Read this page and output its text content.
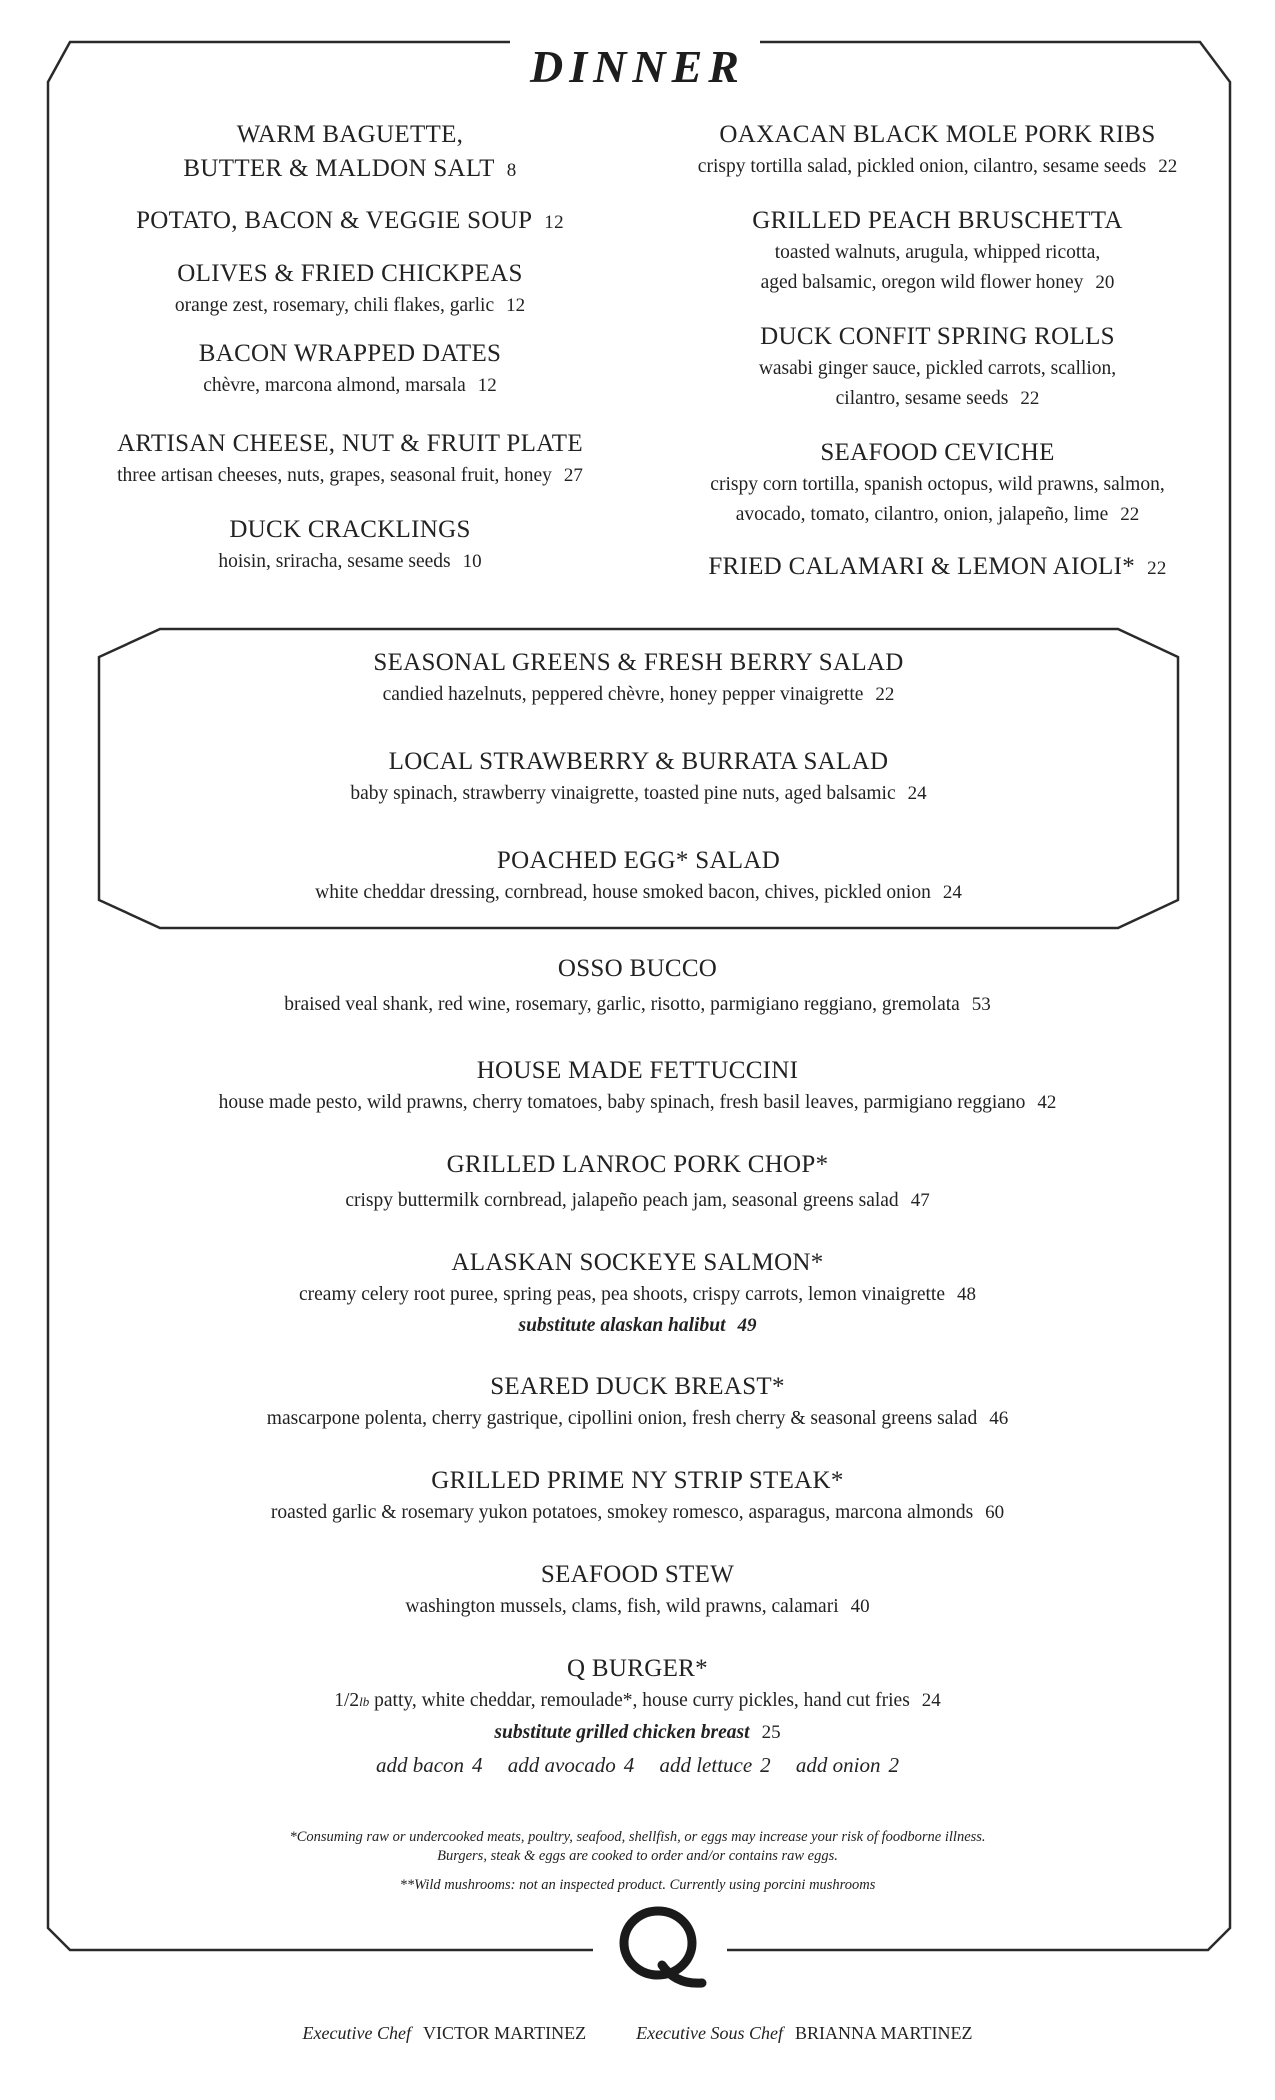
DINNER
WARM BAGUETTE,
BUTTER & MALDON SALT 8
POTATO, BACON & VEGGIE SOUP 12
OLIVES & FRIED CHICKPEAS
orange zest, rosemary, chili flakes, garlic 12
BACON WRAPPED DATES
chèvre, marcona almond, marsala 12
ARTISAN CHEESE, NUT & FRUIT PLATE
three artisan cheeses, nuts, grapes, seasonal fruit, honey 27
DUCK CRACKLINGS
hoisin, sriracha, sesame seeds 10
OAXACAN BLACK MOLE PORK RIBS
crispy tortilla salad, pickled onion, cilantro, sesame seeds 22
GRILLED PEACH BRUSCHETTA
toasted walnuts, arugula, whipped ricotta,
aged balsamic, oregon wild flower honey 20
DUCK CONFIT SPRING ROLLS
wasabi ginger sauce, pickled carrots, scallion,
cilantro, sesame seeds 22
SEAFOOD CEVICHE
crispy corn tortilla, spanish octopus, wild prawns, salmon,
avocado, tomato, cilantro, onion, jalapeño, lime 22
FRIED CALAMARI & LEMON AIOLI* 22
SEASONAL GREENS & FRESH BERRY SALAD
candied hazelnuts, peppered chèvre, honey pepper vinaigrette 22
LOCAL STRAWBERRY & BURRATA SALAD
baby spinach, strawberry vinaigrette, toasted pine nuts, aged balsamic 24
POACHED EGG* SALAD
white cheddar dressing, cornbread, house smoked bacon, chives, pickled onion 24
OSSO BUCCO
braised veal shank, red wine, rosemary, garlic, risotto, parmigiano reggiano, gremolata 53
HOUSE MADE FETTUCCINI
house made pesto, wild prawns, cherry tomatoes, baby spinach, fresh basil leaves, parmigiano reggiano 42
GRILLED LANROC PORK CHOP*
crispy buttermilk cornbread, jalapeño peach jam, seasonal greens salad 47
ALASKAN SOCKEYE SALMON*
creamy celery root puree, spring peas, pea shoots, crispy carrots, lemon vinaigrette 48
substitute alaskan halibut 49
SEARED DUCK BREAST*
mascarpone polenta, cherry gastrique, cipollini onion, fresh cherry & seasonal greens salad 46
GRILLED PRIME NY STRIP STEAK*
roasted garlic & rosemary yukon potatoes, smokey romesco, asparagus, marcona almonds 60
SEAFOOD STEW
washington mussels, clams, fish, wild prawns, calamari 40
Q BURGER*
1/2lb patty, white cheddar, remoulade*, house curry pickles, hand cut fries 24
substitute grilled chicken breast 25
add bacon 4 add avocado 4 add lettuce 2 add onion 2
*Consuming raw or undercooked meats, poultry, seafood, shellfish, or eggs may increase your risk of foodborne illness.
Burgers, steak & eggs are cooked to order and/or contains raw eggs.
**Wild mushrooms: not an inspected product. Currently using porcini mushrooms
Executive Chef VICTOR MARTINEZ	Executive Sous Chef BRIANNA MARTINEZ
